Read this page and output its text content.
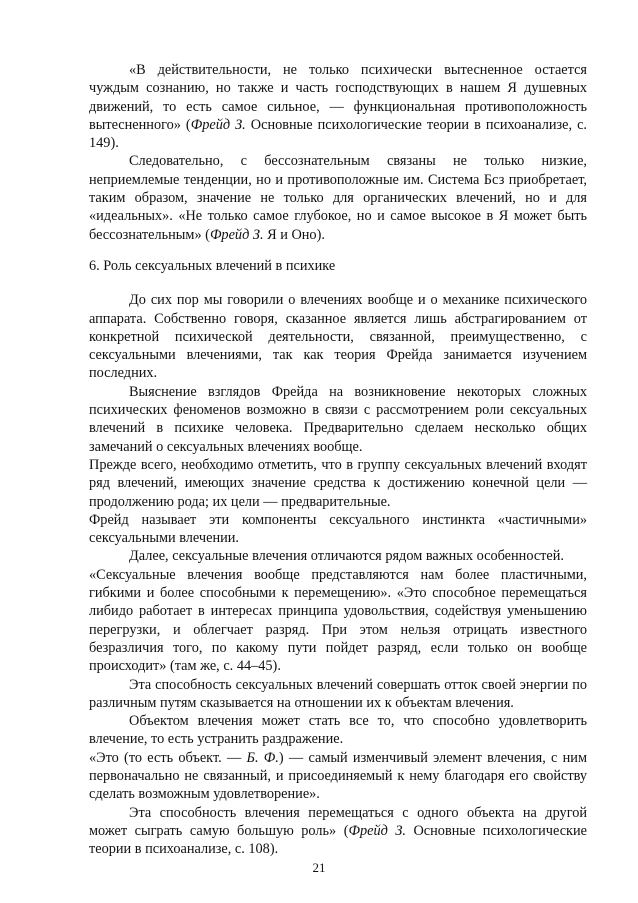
«В действительности, не только психически вытесненное остается чуждым сознанию, но также и часть господствующих в нашем Я душевных движений, то есть самое сильное, — функциональная противоположность вытесненного» (Фрейд З. Основные психологические теории в психоанализе, с. 149).

Следовательно, с бессознательным связаны не только низкие, неприемлемые тенденции, но и противоположные им. Система Бсз приобретает, таким образом, значение не только для органических влечений, но и для «идеальных». «Не только самое глубокое, но и самое высокое в Я может быть бессознательным» (Фрейд З. Я и Оно).

6. Роль сексуальных влечений в психике

До сих пор мы говорили о влечениях вообще и о механике психического аппарата. Собственно говоря, сказанное является лишь абстрагированием от конкретной психической деятельности, связанной, преимущественно, с сексуальными влечениями, так как теория Фрейда занимается изучением последних.

Выяснение взглядов Фрейда на возникновение некоторых сложных психических феноменов возможно в связи с рассмотрением роли сексуальных влечений в психике человека. Предварительно сделаем несколько общих замечаний о сексуальных влечениях вообще.

Прежде всего, необходимо отметить, что в группу сексуальных влечений входят ряд влечений, имеющих значение средства к достижению конечной цели — продолжению рода; их цели — предварительные.

Фрейд называет эти компоненты сексуального инстинкта «частичными» сексуальными влечении.

Далее, сексуальные влечения отличаются рядом важных особенностей.

«Сексуальные влечения вообще представляются нам более пластичными, гибкими и более способными к перемещению». «Это способное перемещаться либидо работает в интересах принципа удовольствия, содействуя уменьшению перегрузки, и облегчает разряд. При этом нельзя отрицать известного безразличия того, по какому пути пойдет разряд, если только он вообще происходит» (там же, с. 44–45).

Эта способность сексуальных влечений совершать отток своей энергии по различным путям сказывается на отношении их к объектам влечения.

Объектом влечения может стать все то, что способно удовлетворить влечение, то есть устранить раздражение.

«Это (то есть объект. — Б. Ф.) — самый изменчивый элемент влечения, с ним первоначально не связанный, и присоединяемый к нему благодаря его свойству сделать возможным удовлетворение».

Эта способность влечения перемещаться с одного объекта на другой может сыграть самую большую роль» (Фрейд З. Основные психологические теории в психоанализе, с. 108).

21
